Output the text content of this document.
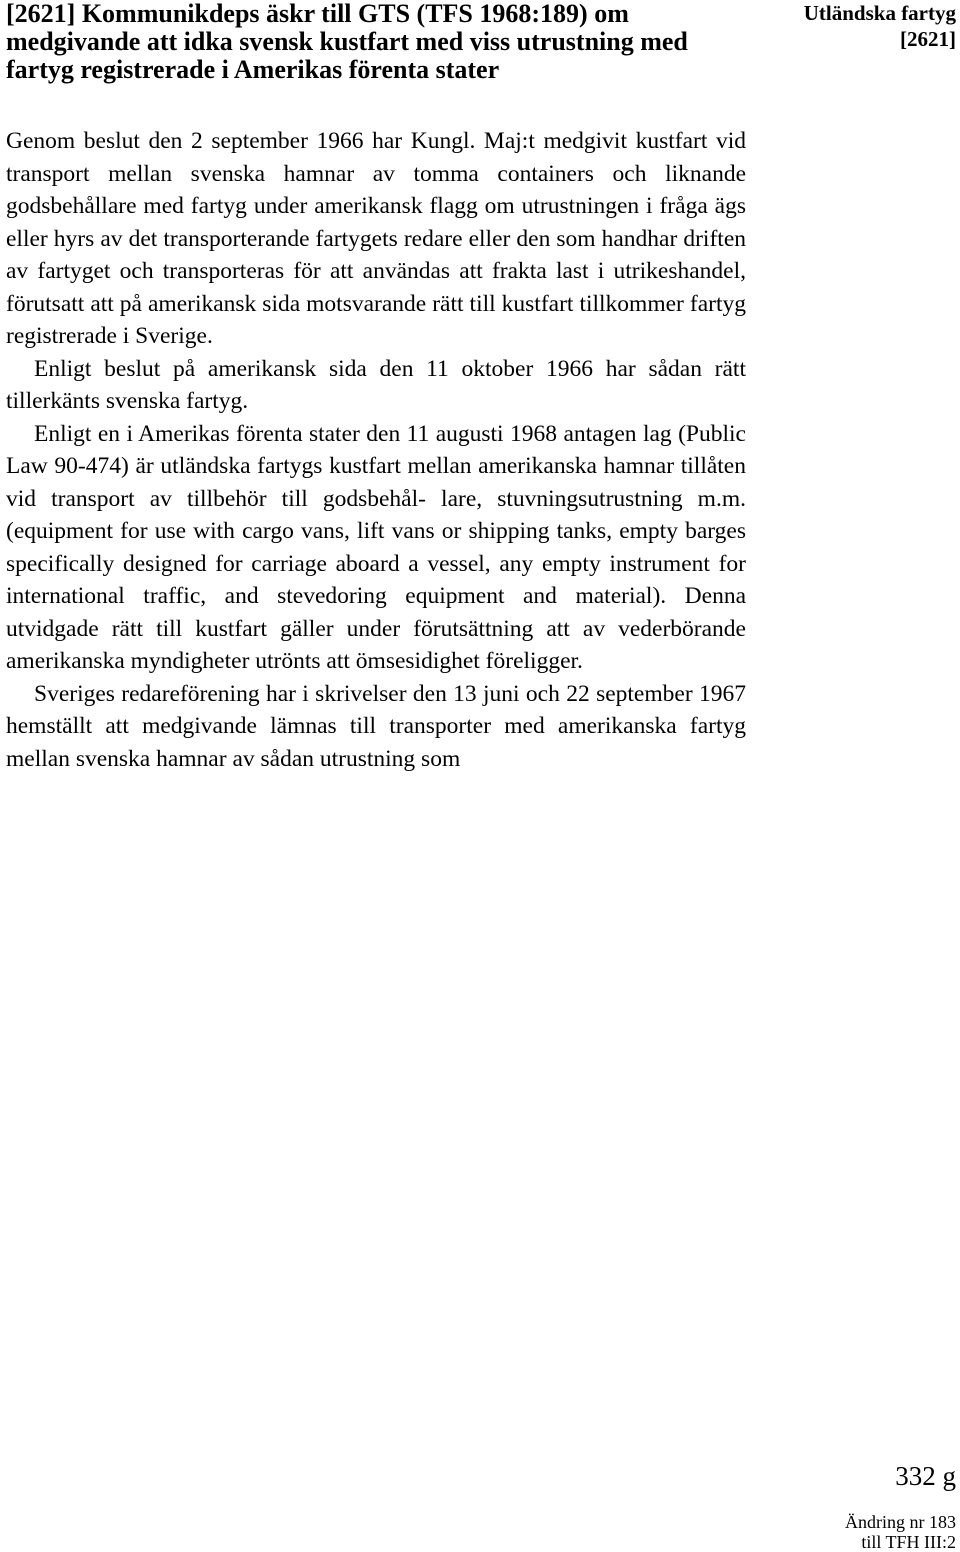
[2621] Kommunikdeps äskr till GTS (TFS 1968:189) om medgivande att idka svensk kustfart med viss utrustning med fartyg registrerade i Amerikas förenta stater
Utländska fartyg
[2621]

Genom beslut den 2 september 1966 har Kungl. Maj:t medgivit kustfart vid transport mellan svenska hamnar av tomma containers och liknande godsbehållare med fartyg under amerikansk flagg om utrustningen i fråga ägs eller hyrs av det transporterande fartygets redare eller den som handhar driften av fartyget och transporteras för att användas att frakta last i utrikeshandel, förutsatt att på amerikansk sida motsvarande rätt till kustfart tillkommer fartyg registrerade i Sverige.

Enligt beslut på amerikansk sida den 11 oktober 1966 har sådan rätt tillerkänts svenska fartyg.

Enligt en i Amerikas förenta stater den 11 augusti 1968 antagen lag (Public Law 90-474) är utländska fartygs kustfart mellan amerikanska hamnar tillåten vid transport av tillbehör till godsbehål- lare, stuvningsutrustning m.m. (equipment for use with cargo vans, lift vans or shipping tanks, empty barges specifically designed for carriage aboard a vessel, any empty instrument for international traffic, and stevedoring equipment and material). Denna utvidgade rätt till kustfart gäller under förutsättning att av vederbörande amerikanska myndigheter utrönts att ömsesidighet föreligger.

Sveriges redareförening har i skrivelser den 13 juni och 22 september 1967 hemställt att medgivande lämnas till transporter med amerikanska fartyg mellan svenska hamnar av sådan utrustning som

332 g
Ändring nr 183
till TFH III:2
